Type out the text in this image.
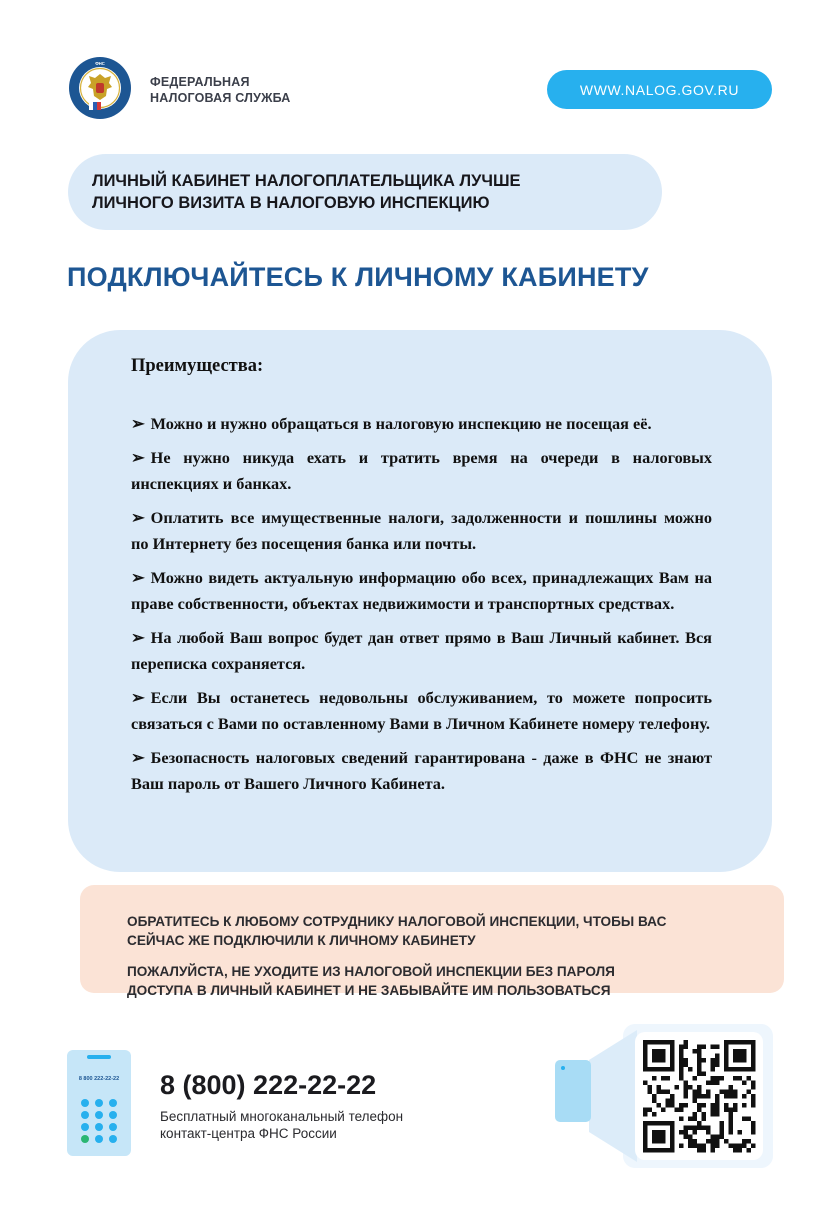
ФНС
ФЕДЕРАЛЬНАЯ
НАЛОГОВАЯ СЛУЖБА
WWW.NALOG.GOV.RU
ЛИЧНЫЙ КАБИНЕТ НАЛОГОПЛАТЕЛЬЩИКА ЛУЧШЕ
ЛИЧНОГО ВИЗИТА В НАЛОГОВУЮ ИНСПЕКЦИЮ
ПОДКЛЮЧАЙТЕСЬ К ЛИЧНОМУ КАБИНЕТУ
Преимущества:
➢ Можно и нужно обращаться в налоговую инспекцию не посещая её.
➢ Не нужно никуда ехать и тратить время на очереди в налоговых инспекциях и банках.
➢ Оплатить все имущественные налоги, задолженности и пошлины можно по Интернету без посещения банка или почты.
➢ Можно видеть актуальную информацию обо всех, принадлежащих Вам на праве собственности, объектах недвижимости и транспортных средствах.
➢ На любой Ваш вопрос будет дан ответ прямо в Ваш Личный кабинет. Вся переписка сохраняется.
➢ Если Вы останетесь недовольны обслуживанием, то можете попросить связаться с Вами по оставленному Вами в Личном Кабинете номеру телефону.
➢ Безопасность налоговых сведений гарантирована - даже в ФНС не знают Ваш пароль от Вашего Личного Кабинета.

ОБРАТИТЕСЬ К ЛЮБОМУ СОТРУДНИКУ НАЛОГОВОЙ ИНСПЕКЦИИ, ЧТОБЫ ВАС
СЕЙЧАС ЖЕ ПОДКЛЮЧИЛИ К ЛИЧНОМУ КАБИНЕТУ

ПОЖАЛУЙСТА, НЕ УХОДИТЕ ИЗ НАЛОГОВОЙ ИНСПЕКЦИИ БЕЗ ПАРОЛЯ
ДОСТУПА В ЛИЧНЫЙ КАБИНЕТ И НЕ ЗАБЫВАЙТЕ ИМ ПОЛЬЗОВАТЬСЯ

8 800 222-22-22 8 (800) 222-22-22
Бесплатный многоканальный телефон
контакт-центра ФНС России
